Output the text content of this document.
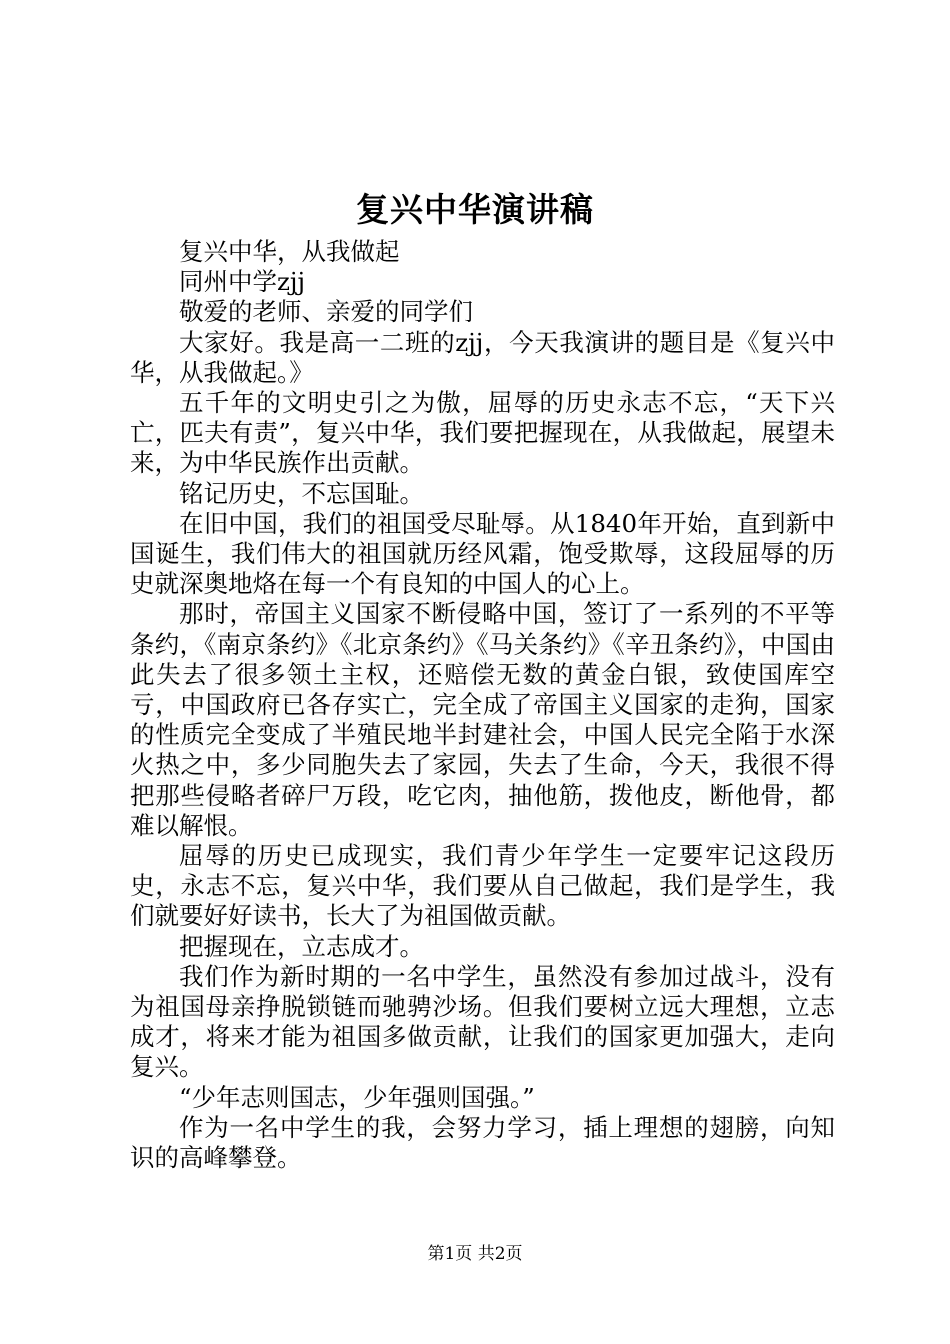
复兴中华演讲稿

复兴中华，从我做起

同州中学zjj

敬爱的老师、亲爱的同学们

大家好。我是高一二班的zjj，今天我演讲的题目是《复兴中华，从我做起。》

五千年的文明史引之为傲，屈辱的历史永志不忘，“天下兴亡，匹夫有责”，复兴中华，我们要把握现在，从我做起，展望未来，为中华民族作出贡献。

铭记历史，不忘国耻。

在旧中国，我们的祖国受尽耻辱。从1840年开始，直到新中国诞生，我们伟大的祖国就历经风霜，饱受欺辱，这段屈辱的历史就深奥地烙在每一个有良知的中国人的心上。

那时，帝国主义国家不断侵略中国，签订了一系列的不平等条约，《南京条约》《北京条约》《马关条约》《辛丑条约》，中国由此失去了很多领土主权，还赔偿无数的黄金白银，致使国库空亏，中国政府已各存实亡，完全成了帝国主义国家的走狗，国家的性质完全变成了半殖民地半封建社会，中国人民完全陷于水深火热之中，多少同胞失去了家园，失去了生命，今天，我很不得把那些侵略者碎尸万段，吃它肉，抽他筋，拨他皮，断他骨，都难以解恨。

屈辱的历史已成现实，我们青少年学生一定要牢记这段历史，永志不忘，复兴中华，我们要从自己做起，我们是学生，我们就要好好读书，长大了为祖国做贡献。

把握现在，立志成才。

我们作为新时期的一名中学生，虽然没有参加过战斗，没有为祖国母亲挣脱锁链而驰骋沙场。但我们要树立远大理想，立志成才，将来才能为祖国多做贡献，让我们的国家更加强大，走向复兴。

“少年志则国志，少年强则国强。”

作为一名中学生的我，会努力学习，插上理想的翅膀，向知识的高峰攀登。

第1页 共2页
